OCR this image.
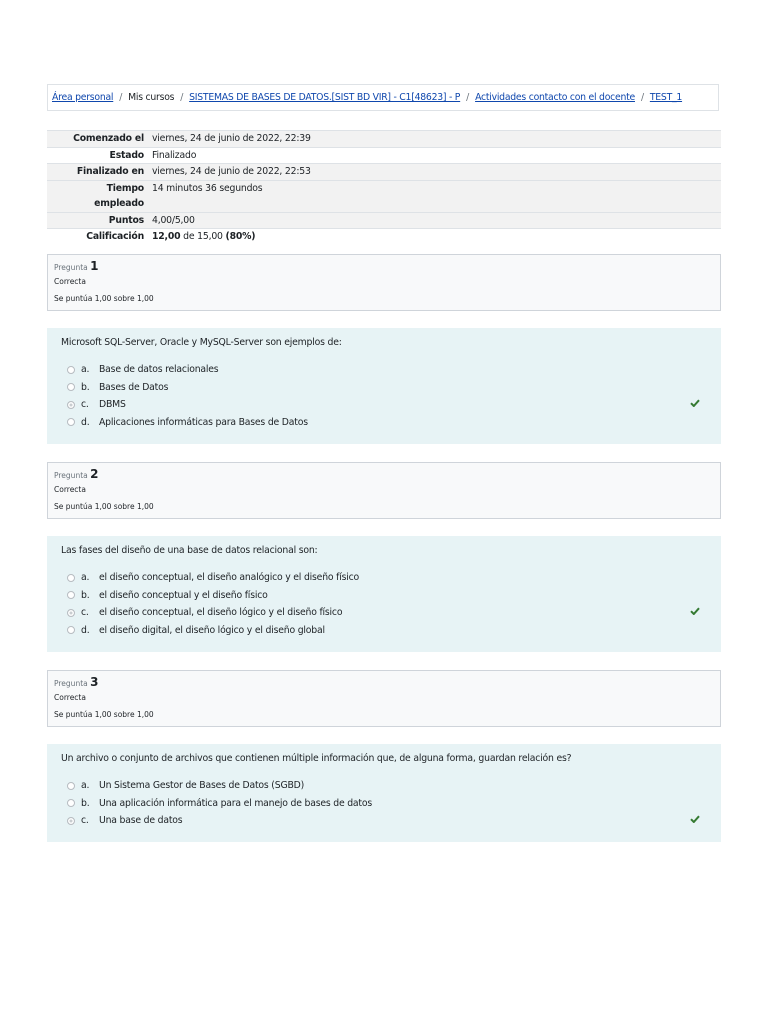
Área personal / Mis cursos / SISTEMAS DE BASES DE DATOS.[SIST BD VIR] - C1[48623] - P / Actividades contacto con el docente / TEST_1
Comenzado el	viernes, 24 de junio de 2022, 22:39
Estado	Finalizado
Finalizado en	viernes, 24 de junio de 2022, 22:53
Tiempo
empleado	14 minutos 36 segundos
Puntos	4,00/5,00
Calificación	12,00 de 15,00 (80%)
Pregunta 1
Correcta
Se puntúa 1,00 sobre 1,00
Microsoft SQL-Server, Oracle y MySQL-Server son ejemplos de:
a.	Base de datos relacionales
b.	Bases de Datos
c.	DBMS
d.	Aplicaciones informáticas para Bases de Datos
Pregunta 2
Correcta
Se puntúa 1,00 sobre 1,00
Las fases del diseño de una base de datos relacional son:
a.	el diseño conceptual, el diseño analógico y el diseño físico
b.	el diseño conceptual y el diseño físico
c.	el diseño conceptual, el diseño lógico y el diseño físico
d.	el diseño digital, el diseño lógico y el diseño global
Pregunta 3
Correcta
Se puntúa 1,00 sobre 1,00
Un archivo o conjunto de archivos que contienen múltiple información que, de alguna forma, guardan relación es?
a.	Un Sistema Gestor de Bases de Datos (SGBD)
b.	Una aplicación informática para el manejo de bases de datos
c.	Una base de datos
